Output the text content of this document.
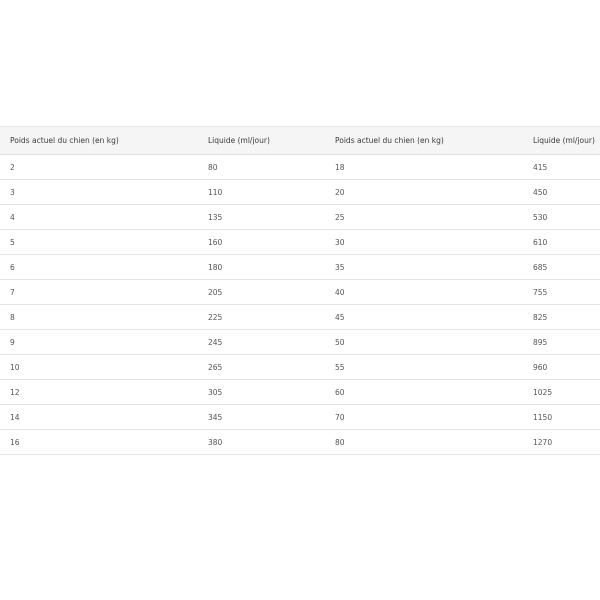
Poids actuel du chien (en kg)	Liquide (ml/jour)	Poids actuel du chien (en kg)	Liquide (ml/jour)
2	80	18	415
3	110	20	450
4	135	25	530
5	160	30	610
6	180	35	685
7	205	40	755
8	225	45	825
9	245	50	895
10	265	55	960
12	305	60	1025
14	345	70	1150
16	380	80	1270
